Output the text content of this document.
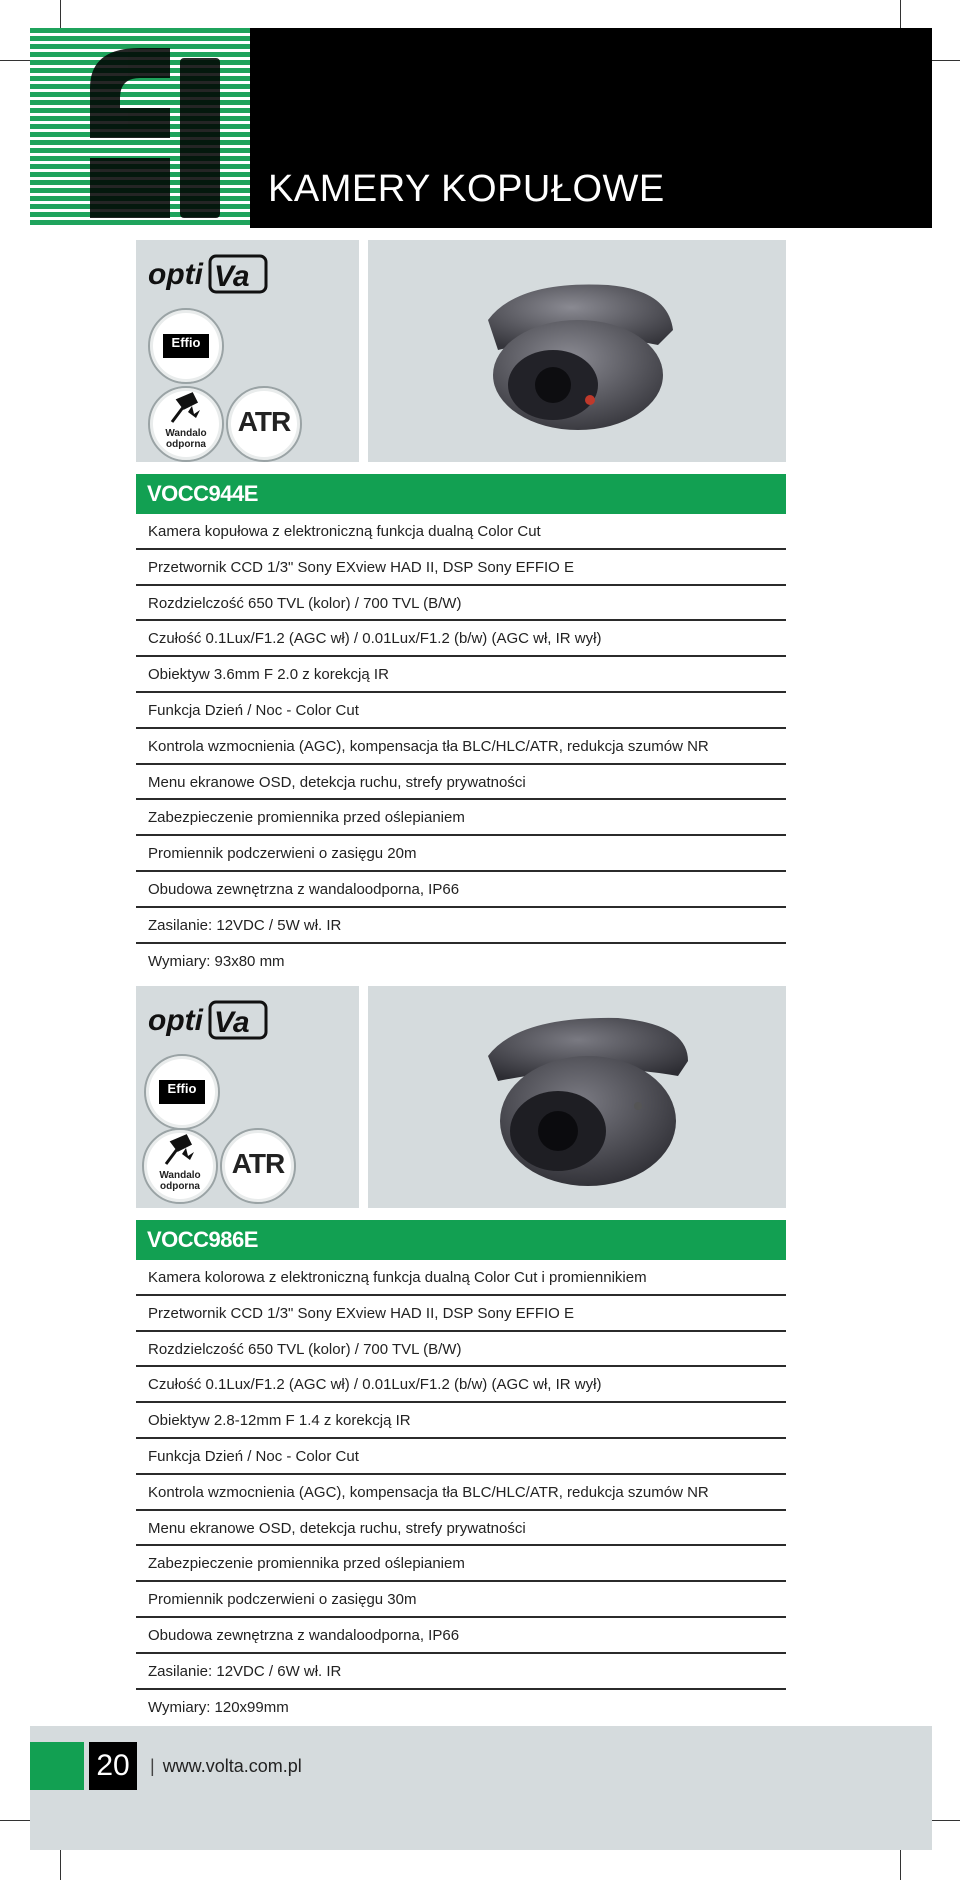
KAMERY KOPUŁOWE
opti Va
Effio
Wandalo odporna
ATR
VOCC944E
Kamera kopułowa z elektroniczną funkcja dualną Color Cut
Przetwornik CCD 1/3" Sony EXview HAD II, DSP Sony EFFIO E
Rozdzielczość 650 TVL (kolor) / 700 TVL (B/W)
Czułość 0.1Lux/F1.2 (AGC wł) / 0.01Lux/F1.2 (b/w) (AGC wł, IR wył)
Obiektyw 3.6mm F 2.0 z korekcją IR
Funkcja Dzień / Noc - Color Cut
Kontrola wzmocnienia (AGC), kompensacja tła BLC/HLC/ATR, redukcja szumów NR
Menu ekranowe OSD, detekcja ruchu, strefy prywatności
Zabezpieczenie promiennika przed oślepianiem
Promiennik podczerwieni o zasięgu 20m
Obudowa zewnętrzna z wandaloodporna, IP66
Zasilanie: 12VDC / 5W wł. IR
Wymiary: 93x80 mm
opti Va
Effio
Wandalo odporna
ATR
VOCC986E
Kamera kolorowa z elektroniczną funkcja dualną Color Cut i promiennikiem
Przetwornik CCD 1/3" Sony EXview HAD II, DSP Sony EFFIO E
Rozdzielczość 650 TVL (kolor) / 700 TVL (B/W)
Czułość 0.1Lux/F1.2 (AGC wł) / 0.01Lux/F1.2 (b/w) (AGC wł, IR wył)
Obiektyw 2.8-12mm F 1.4 z korekcją IR
Funkcja Dzień / Noc - Color Cut
Kontrola wzmocnienia (AGC), kompensacja tła BLC/HLC/ATR, redukcja szumów NR
Menu ekranowe OSD, detekcja ruchu, strefy prywatności
Zabezpieczenie promiennika przed oślepianiem
Promiennik podczerwieni o zasięgu 30m
Obudowa zewnętrzna z wandaloodporna, IP66
Zasilanie: 12VDC / 6W wł. IR
Wymiary: 120x99mm
20	| www.volta.com.pl
